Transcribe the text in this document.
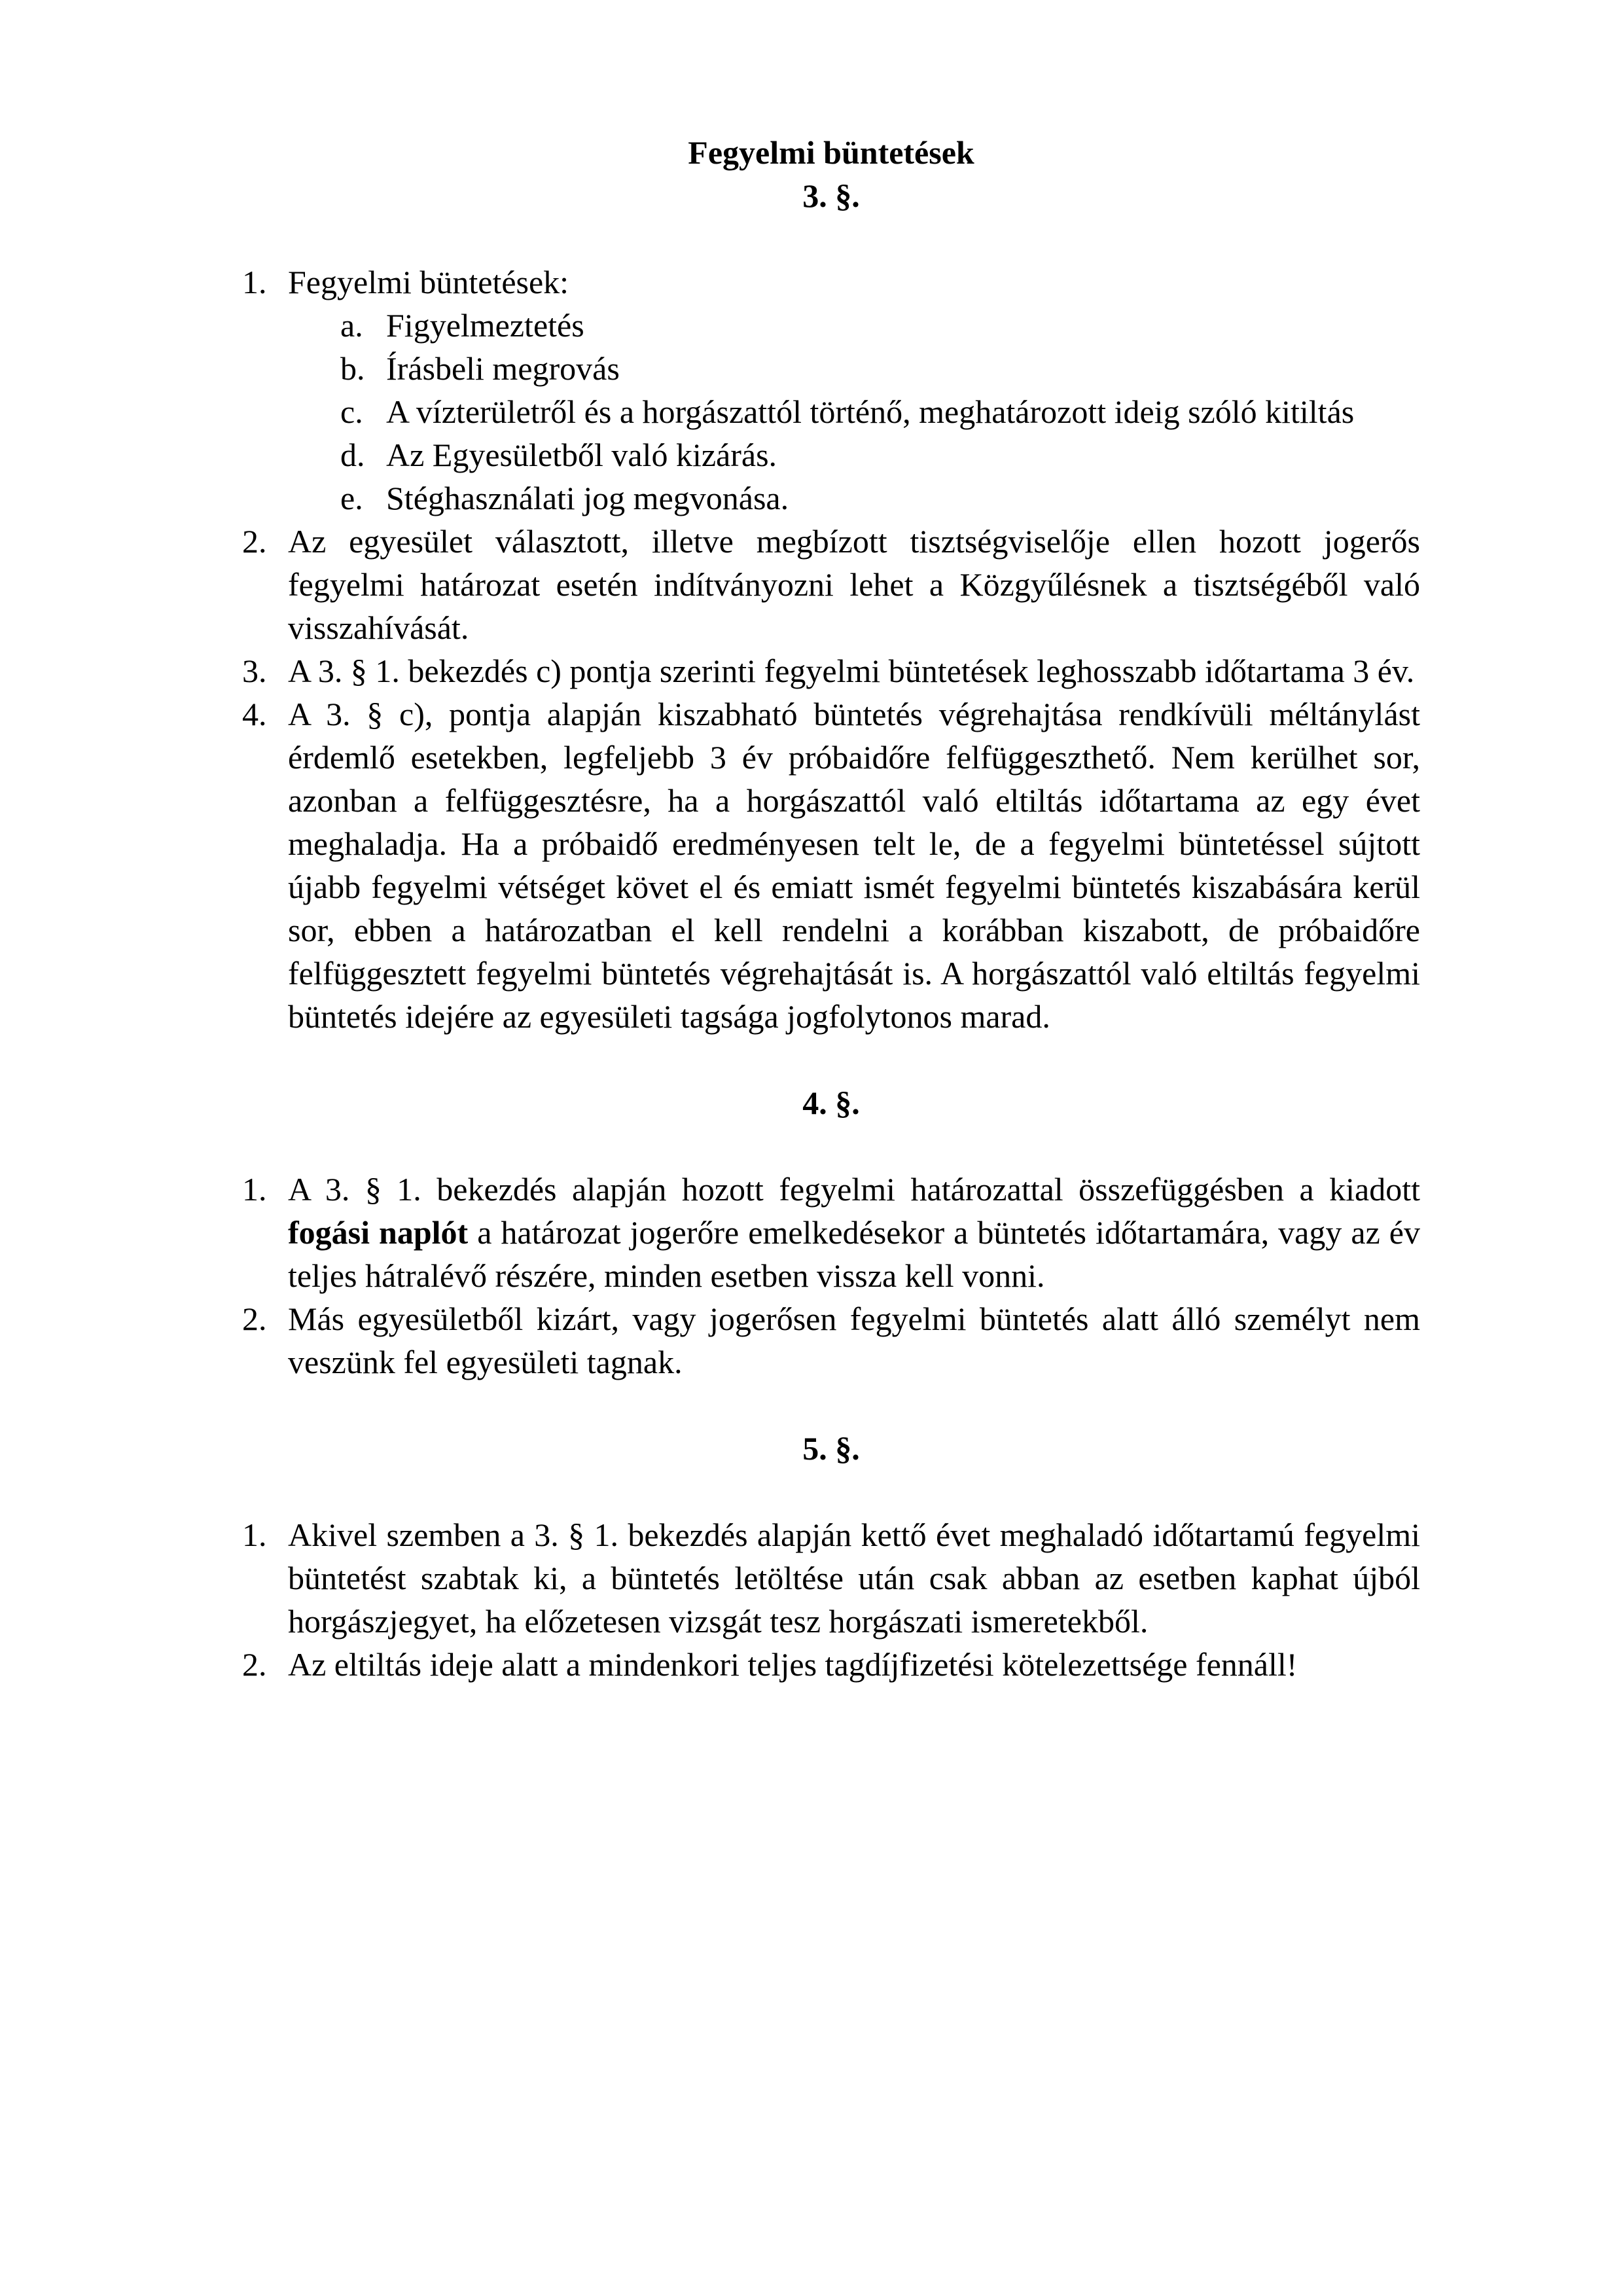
Fegyelmi büntetések

3. §.

1. Fegyelmi büntetések:
a. Figyelmeztetés
b. Írásbeli megrovás
c. A vízterületről és a horgászattól történő, meghatározott ideig szóló kitiltás
d. Az Egyesületből való kizárás.
e. Stéghasználati jog megvonása.
2. Az egyesület választott, illetve megbízott tisztségviselője ellen hozott jogerős fegyelmi határozat esetén indítványozni lehet a Közgyűlésnek a tisztségéből való visszahívását.
3. A 3. § 1. bekezdés c) pontja szerinti fegyelmi büntetések leghosszabb időtartama 3 év.
4. A 3. § c), pontja alapján kiszabható büntetés végrehajtása rendkívüli méltánylást érdemlő esetekben, legfeljebb 3 év próbaidőre felfüggeszthető. Nem kerülhet sor, azonban a felfüggesztésre, ha a horgászattól való eltiltás időtartama az egy évet meghaladja. Ha a próbaidő eredményesen telt le, de a fegyelmi büntetéssel sújtott újabb fegyelmi vétséget követ el és emiatt ismét fegyelmi büntetés kiszabására kerül sor, ebben a határozatban el kell rendelni a korábban kiszabott, de próbaidőre felfüggesztett fegyelmi büntetés végrehajtását is. A horgászattól való eltiltás fegyelmi büntetés idejére az egyesületi tagsága jogfolytonos marad.

4. §.

1. A 3. § 1. bekezdés alapján hozott fegyelmi határozattal összefüggésben a kiadott fogási naplót a határozat jogerőre emelkedésekor a büntetés időtartamára, vagy az év teljes hátralévő részére, minden esetben vissza kell vonni.
2. Más egyesületből kizárt, vagy jogerősen fegyelmi büntetés alatt álló személyt nem veszünk fel egyesületi tagnak.

5. §.

1. Akivel szemben a 3. § 1. bekezdés alapján kettő évet meghaladó időtartamú fegyelmi büntetést szabtak ki, a büntetés letöltése után csak abban az esetben kaphat újból horgászjegyet, ha előzetesen vizsgát tesz horgászati ismeretekből.
2. Az eltiltás ideje alatt a mindenkori teljes tagdíjfizetési kötelezettsége fennáll!
